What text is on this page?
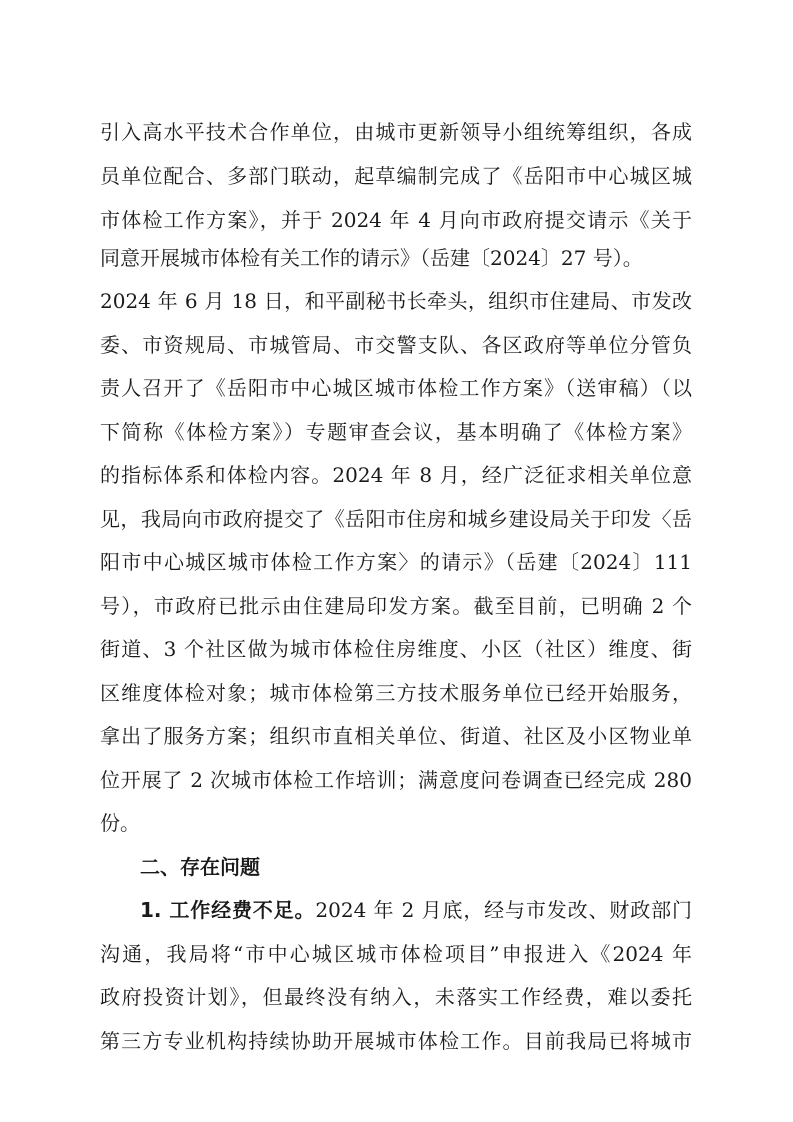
引入高水平技术合作单位，由城市更新领导小组统筹组织，各成
员单位配合、多部门联动，起草编制完成了《岳阳市中心城区城
市体检工作方案》，并于 2024 年 4 月向市政府提交请示《关于
同意开展城市体检有关工作的请示》（岳建〔2024〕27 号）。
2024 年 6 月 18 日，和平副秘书长牵头，组织市住建局、市发改
委、市资规局、市城管局、市交警支队、各区政府等单位分管负
责人召开了《岳阳市中心城区城市体检工作方案》（送审稿）（以
下简称《体检方案》）专题审查会议，基本明确了《体检方案》
的指标体系和体检内容。2024 年 8 月，经广泛征求相关单位意
见，我局向市政府提交了《岳阳市住房和城乡建设局关于印发〈岳
阳市中心城区城市体检工作方案〉的请示》（岳建〔2024〕111
号），市政府已批示由住建局印发方案。截至目前，已明确 2 个
街道、3 个社区做为城市体检住房维度、小区（社区）维度、街
区维度体检对象；城市体检第三方技术服务单位已经开始服务，
拿出了服务方案；组织市直相关单位、街道、社区及小区物业单
位开展了 2 次城市体检工作培训；满意度问卷调查已经完成 280
份。
二、存在问题
1. 工作经费不足。2024 年 2 月底，经与市发改、财政部门
沟通，我局将“市中心城区城市体检项目”申报进入《2024 年
政府投资计划》，但最终没有纳入，未落实工作经费，难以委托
第三方专业机构持续协助开展城市体检工作。目前我局已将城市
